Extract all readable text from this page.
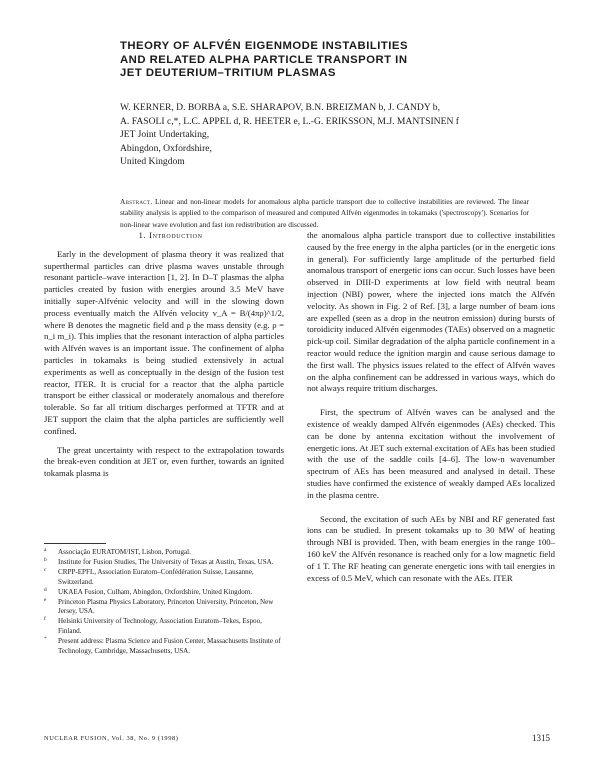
THEORY OF ALFVÉN EIGENMODE INSTABILITIES
AND RELATED ALPHA PARTICLE TRANSPORT IN
JET DEUTERIUM–TRITIUM PLASMAS
W. KERNER, D. BORBA a, S.E. SHARAPOV, B.N. BREIZMAN b, J. CANDY b,
A. FASOLI c,*, L.C. APPEL d, R. HEETER e, L.-G. ERIKSSON, M.J. MANTSINEN f
JET Joint Undertaking,
Abingdon, Oxfordshire,
United Kingdom
Abstract. Linear and non-linear models for anomalous alpha particle transport due to collective instabilities are reviewed. The linear stability analysis is applied to the comparison of measured and computed Alfvén eigenmodes in tokamaks ('spectroscopy'). Scenarios for non-linear wave evolution and fast ion redistribution are discussed.

1. Introduction

Early in the development of plasma theory it was realized that superthermal particles can drive plasma waves unstable through resonant particle–wave interaction [1, 2]. In D–T plasmas the alpha particles created by fusion with energies around 3.5 MeV have initially super-Alfvénic velocity and will in the slowing down process eventually match the Alfvén velocity v_A = B/(4πρ)^1/2, where B denotes the magnetic field and ρ the mass density (e.g. ρ = n_i m_i). This implies that the resonant interaction of alpha particles with Alfvén waves is an important issue. The confinement of alpha particles in tokamaks is being studied extensively in actual experiments as well as conceptually in the design of the fusion test reactor, ITER. It is crucial for a reactor that the alpha particle transport be either classical or moderately anomalous and therefore tolerable. So far all tritium discharges performed at TFTR and at JET support the claim that the alpha particles are sufficiently well confined.

The great uncertainty with respect to the extrapolation towards the break-even condition at JET or, even further, towards an ignited tokamak plasma is

the anomalous alpha particle transport due to collective instabilities caused by the free energy in the alpha particles (or in the energetic ions in general). For sufficiently large amplitude of the perturbed field anomalous transport of energetic ions can occur. Such losses have been observed in DIII-D experiments at low field with neutral beam injection (NBI) power, where the injected ions match the Alfvén velocity. As shown in Fig. 2 of Ref. [3], a large number of beam ions are expelled (seen as a drop in the neutron emission) during bursts of toroidicity induced Alfvén eigenmodes (TAEs) observed on a magnetic pick-up coil. Similar degradation of the alpha particle confinement in a reactor would reduce the ignition margin and cause serious damage to the first wall. The physics issues related to the effect of Alfvén waves on the alpha confinement can be addressed in various ways, which do not always require tritium discharges.

First, the spectrum of Alfvén waves can be analysed and the existence of weakly damped Alfvén eigenmodes (AEs) checked. This can be done by antenna excitation without the involvement of energetic ions. At JET such external excitation of AEs has been studied with the use of the saddle coils [4–6]. The low-n wavenumber spectrum of AEs has been measured and analysed in detail. These studies have confirmed the existence of weakly damped AEs localized in the plasma centre.

Second, the excitation of such AEs by NBI and RF generated fast ions can be studied. In present tokamaks up to 30 MW of heating through NBI is provided. Then, with beam energies in the range 100–160 keV the Alfvén resonance is reached only for a low magnetic field of 1 T. The RF heating can generate energetic ions with tail energies in excess of 0.5 MeV, which can resonate with the AEs. ITER

a Associação EURATOM/IST, Lisbon, Portugal.
b Institute for Fusion Studies, The University of Texas at Austin, Texas, USA.
c CRPP-EPFL, Association Euratom–Confédération Suisse, Lausanne, Switzerland.
d UKAEA Fusion, Culham, Abingdon, Oxfordshire, United Kingdom.
e Princeton Plasma Physics Laboratory, Princeton University, Princeton, New Jersey, USA.
f Helsinki University of Technology, Association Euratom–Tekes, Espoo, Finland.
* Present address: Plasma Science and Fusion Center, Massachusetts Institute of Technology, Cambridge, Massachusetts, USA.
NUCLEAR FUSION, Vol. 38, No. 9 (1998)	1315
